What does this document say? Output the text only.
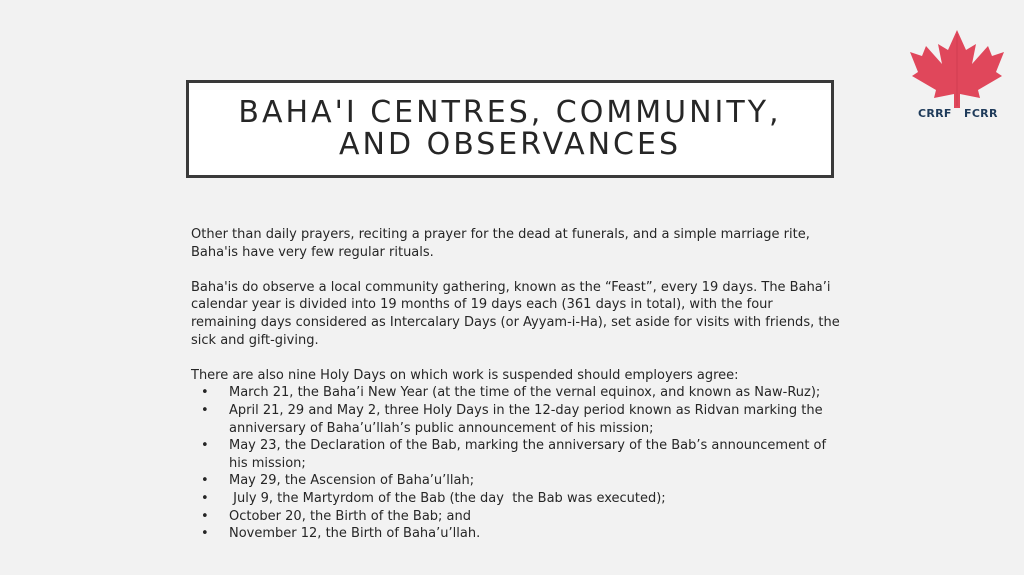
BAHA'I CENTRES, COMMUNITY, AND OBSERVANCES
CRRF FCRR

Other than daily prayers, reciting a prayer for the dead at funerals, and a simple marriage rite, Baha'is have very few regular rituals.

Baha'is do observe a local community gathering, known as the “Feast”, every 19 days. The Baha’i calendar year is divided into 19 months of 19 days each (361 days in total), with the four remaining days considered as Intercalary Days (or Ayyam-i-Ha), set aside for visits with friends, the sick and gift-giving.

There are also nine Holy Days on which work is suspended should employers agree:

•	March 21, the Baha’i New Year (at the time of the vernal equinox, and known as Naw-Ruz);
•	April 21, 29 and May 2, three Holy Days in the 12-day period known as Ridvan marking the anniversary of Baha’u’llah’s public announcement of his mission;
•	May 23, the Declaration of the Bab, marking the anniversary of the Bab’s announcement of his mission;
•	May 29, the Ascension of Baha’u’llah;
•	July 9, the Martyrdom of the Bab (the day  the Bab was executed);
•	October 20, the Birth of the Bab; and
•	November 12, the Birth of Baha’u’llah.
